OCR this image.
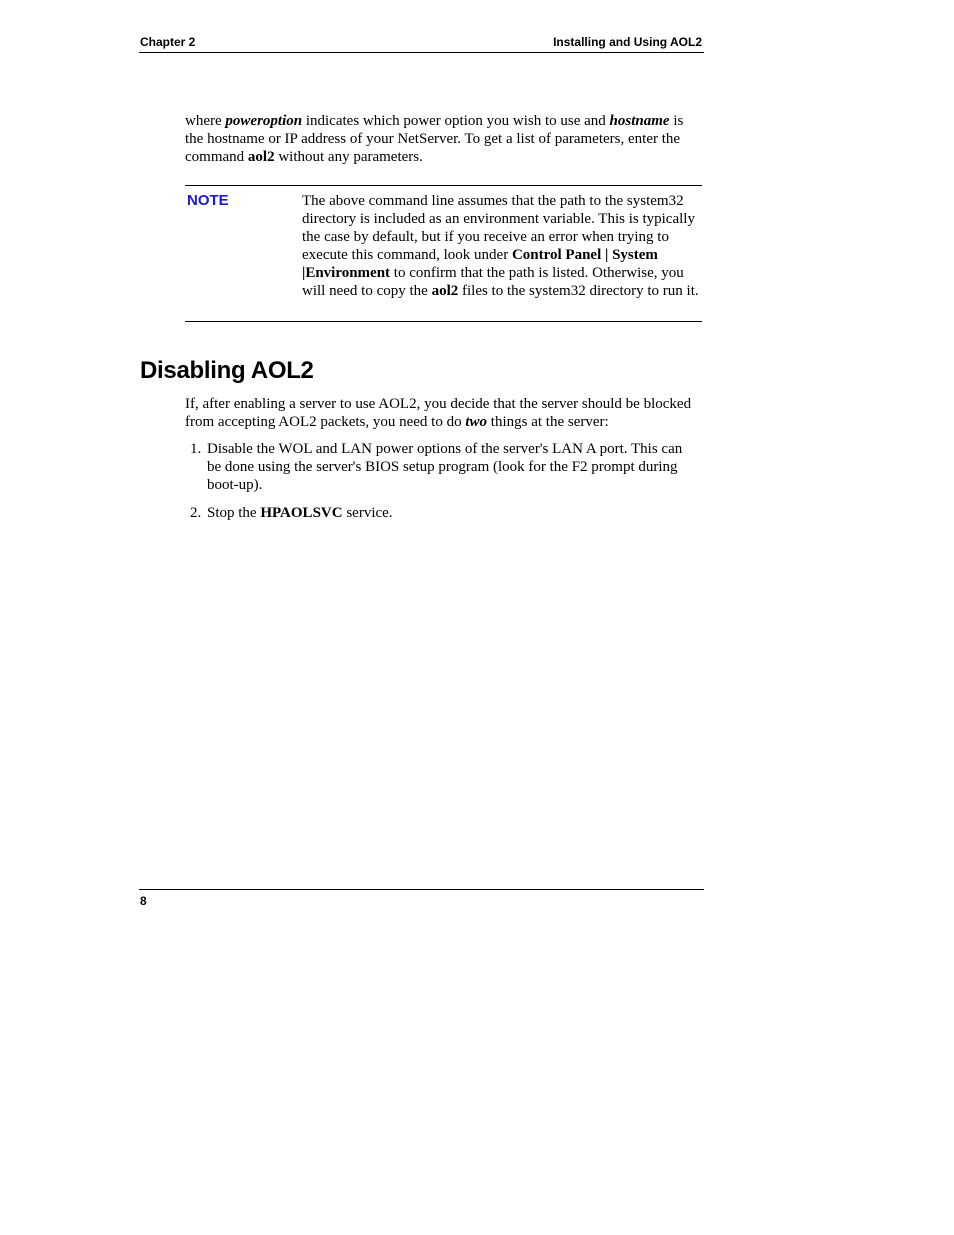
Chapter 2	Installing and Using AOL2
where poweroption indicates which power option you wish to use and hostname is the hostname or IP address of your NetServer. To get a list of parameters, enter the command aol2 without any parameters.
NOTE	The above command line assumes that the path to the system32 directory is included as an environment variable. This is typically the case by default, but if you receive an error when trying to execute this command, look under Control Panel | System |Environment to confirm that the path is listed. Otherwise, you will need to copy the aol2 files to the system32 directory to run it.
Disabling AOL2
If, after enabling a server to use AOL2, you decide that the server should be blocked from accepting AOL2 packets, you need to do two things at the server:
1. Disable the WOL and LAN power options of the server's LAN A port. This can be done using the server's BIOS setup program (look for the F2 prompt during boot-up).
2. Stop the HPAOLSVC service.
8
